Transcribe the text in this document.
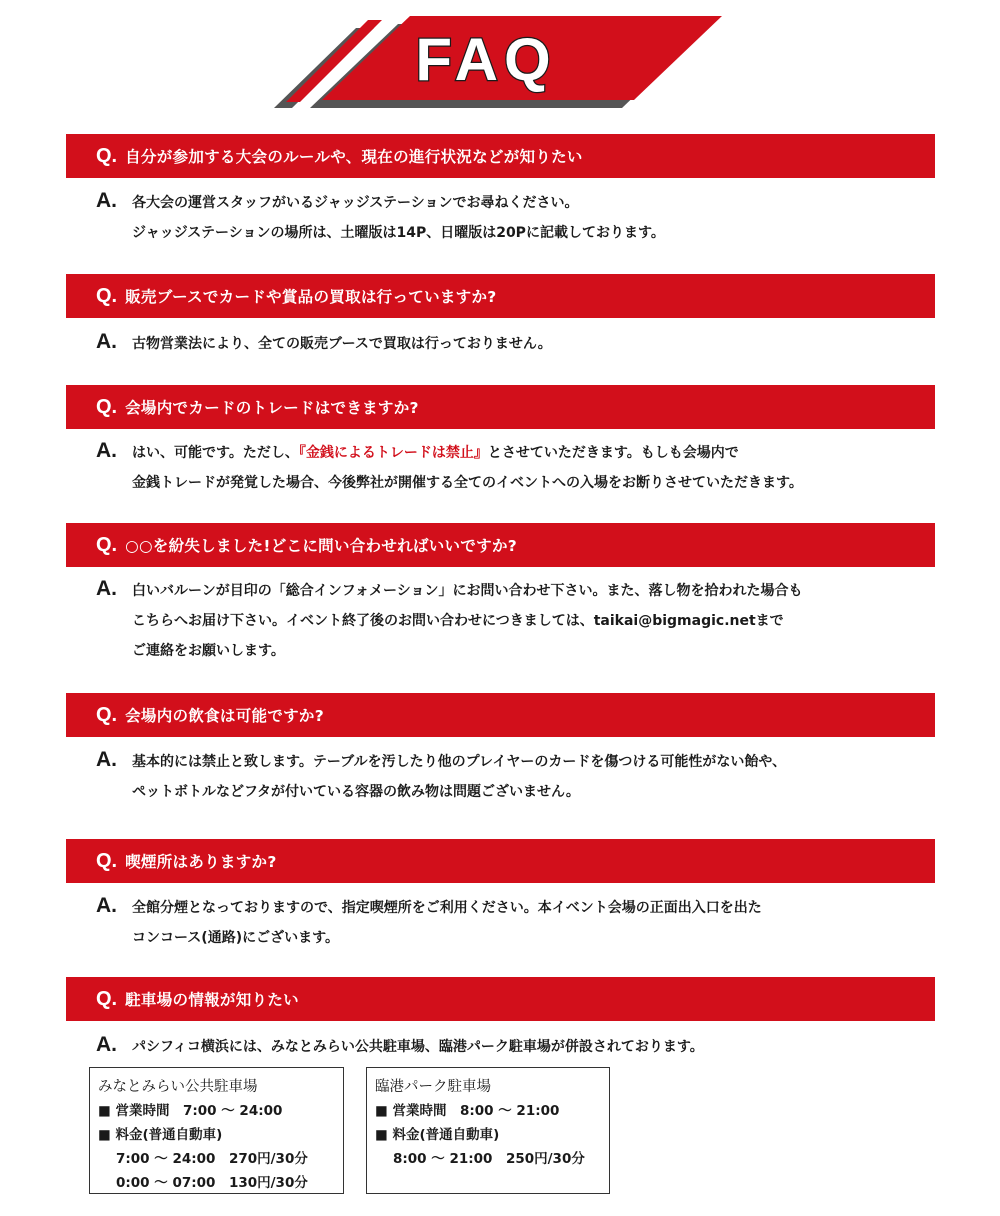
FAQ
Q. 自分が参加する大会のルールや、現在の進行状況などが知りたい
A. 各大会の運営スタッフがいるジャッジステーションでお尋ねください。
ジャッジステーションの場所は、土曜版は14P、日曜版は20Pに記載しております。
Q. 販売ブースでカードや賞品の買取は行っていますか?
A. 古物営業法により、全ての販売ブースで買取は行っておりません。
Q. 会場内でカードのトレードはできますか?
A. はい、可能です。ただし、『金銭によるトレードは禁止』とさせていただきます。もしも会場内で
金銭トレードが発覚した場合、今後弊社が開催する全てのイベントへの入場をお断りさせていただきます。
Q. ○○を紛失しました!どこに問い合わせればいいですか?
A. 白いバルーンが目印の「総合インフォメーション」にお問い合わせ下さい。また、落し物を拾われた場合も
こちらへお届け下さい。イベント終了後のお問い合わせにつきましては、taikai@bigmagic.netまで
ご連絡をお願いします。
Q. 会場内の飲食は可能ですか?
A. 基本的には禁止と致します。テーブルを汚したり他のプレイヤーのカードを傷つける可能性がない飴や、
ペットボトルなどフタが付いている容器の飲み物は問題ございません。
Q. 喫煙所はありますか?
A. 全館分煙となっておりますので、指定喫煙所をご利用ください。本イベント会場の正面出入口を出た
コンコース(通路)にございます。
Q. 駐車場の情報が知りたい
A. パシフィコ横浜には、みなとみらい公共駐車場、臨港パーク駐車場が併設されております。
みなとみらい公共駐車場
■ 営業時間　7:00 ～ 24:00
■ 料金(普通自動車)
7:00 ～ 24:00　270円/30分
0:00 ～ 07:00　130円/30分
臨港パーク駐車場
■ 営業時間　8:00 ～ 21:00
■ 料金(普通自動車)
8:00 ～ 21:00　250円/30分
